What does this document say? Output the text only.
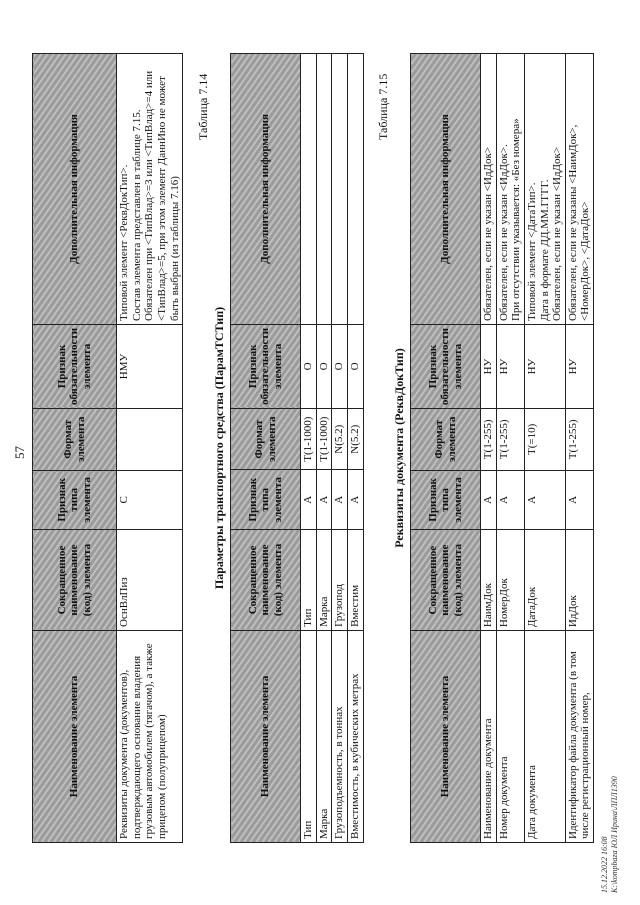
57
Наименование элемента	Сокращенное наименование (код) элемента	Признак типа элемента	Формат элемента	Признак обязательности элемента	Дополнительная информация
Реквизиты документа (документов), подтверждающего основание владения грузовым автомобилем (тягачом), а также прицепом (полуприцепом)	ОснВлПиз	С		НМУ	Типовой элемент <РеквДокТип>. Состав элемента представлен в таблице 7.15. Обязателен при <ТипВлад>=3 или <ТипВлад>=4 или <ТипВлад>=5, при этом элемент ДаннИно не может быть выбран (из таблицы 7.16)
Таблица 7.14
Параметры транспортного средства (ПарамТСТип)
Наименование элемента	Сокращенное наименование (код) элемента	Признак типа элемента	Формат элемента	Признак обязательности элемента	Дополнительная информация
Тип	Тип	А	T(1-1000)	О	
Марка	Марка	А	T(1-1000)	О	
Грузоподъемность, в тоннах	Грузопод	А	N(5.2)	О	
Вместимость, в кубических метрах	Вместим	А	N(5.2)	О	
Таблица 7.15
Реквизиты документа (РеквДокТип)
Наименование элемента	Сокращенное наименование (код) элемента	Признак типа элемента	Формат элемента	Признак обязательности элемента	Дополнительная информация
Наименование документа	НаимДок	А	T(1-255)	НУ	Обязателен, если не указан <ИдДок>

Номер документа	НомерДок	А	T(1-255)	НУ	Обязателен, если не указан <ИдДок>. При отсутствии указывается: «Без номера»

Дата документа	ДатаДок	А	T(=10)	НУ	Типовой элемент <ДатаТип>. Дата в формате ДД.ММ.ГГГГ. Обязателен, если не указан <ИдДок>

Идентификатор файла документа (в том числе регистрационный номер,	ИдДок	А	T(1-255)	НУ	Обязателен, если не указаны <НаимДок>, <НомерДок>, <ДатаДок>
15.12.2022 16:08 К:\kompbaza ЮЛ Ирина\ЛПЛ1390
